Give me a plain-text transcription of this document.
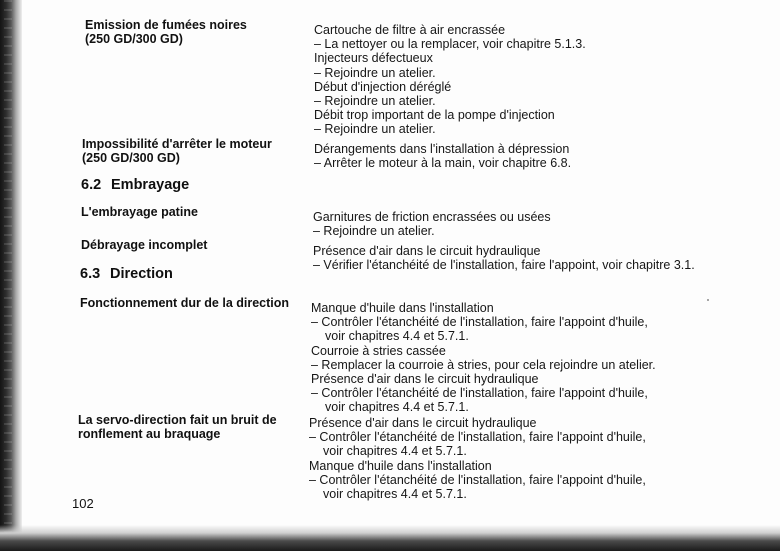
Emission de fumées noires
(250 GD/300 GD)
Cartouche de filtre à air encrassée
– La nettoyer ou la remplacer, voir chapitre 5.1.3.
Injecteurs défectueux
– Rejoindre un atelier.
Début d'injection déréglé
– Rejoindre un atelier.
Débit trop important de la pompe d'injection
– Rejoindre un atelier.
Impossibilité d'arrêter le moteur
(250 GD/300 GD)
Dérangements dans l'installation à dépression
– Arrêter le moteur à la main, voir chapitre 6.8.
6.2 Embrayage
L'embrayage patine	Garnitures de friction encrassées ou usées
– Rejoindre un atelier.
Débrayage incomplet	Présence d'air dans le circuit hydraulique
– Vérifier l'étanchéité de l'installation, faire l'appoint, voir chapitre 3.1.
6.3 Direction
Fonctionnement dur de la direction Manque d'huile dans l'installation
– Contrôler l'étanchéité de l'installation, faire l'appoint d'huile,
voir chapitres 4.4 et 5.7.1.
Courroie à stries cassée
– Remplacer la courroie à stries, pour cela rejoindre un atelier.
Présence d'air dans le circuit hydraulique
– Contrôler l'étanchéité de l'installation, faire l'appoint d'huile,
voir chapitres 4.4 et 5.7.1.
La servo-direction fait un bruit de
ronflement au braquage
Présence d'air dans le circuit hydraulique
– Contrôler l'étanchéité de l'installation, faire l'appoint d'huile,
voir chapitres 4.4 et 5.7.1.
Manque d'huile dans l'installation
– Contrôler l'étanchéité de l'installation, faire l'appoint d'huile,
voir chapitres 4.4 et 5.7.1.
102
